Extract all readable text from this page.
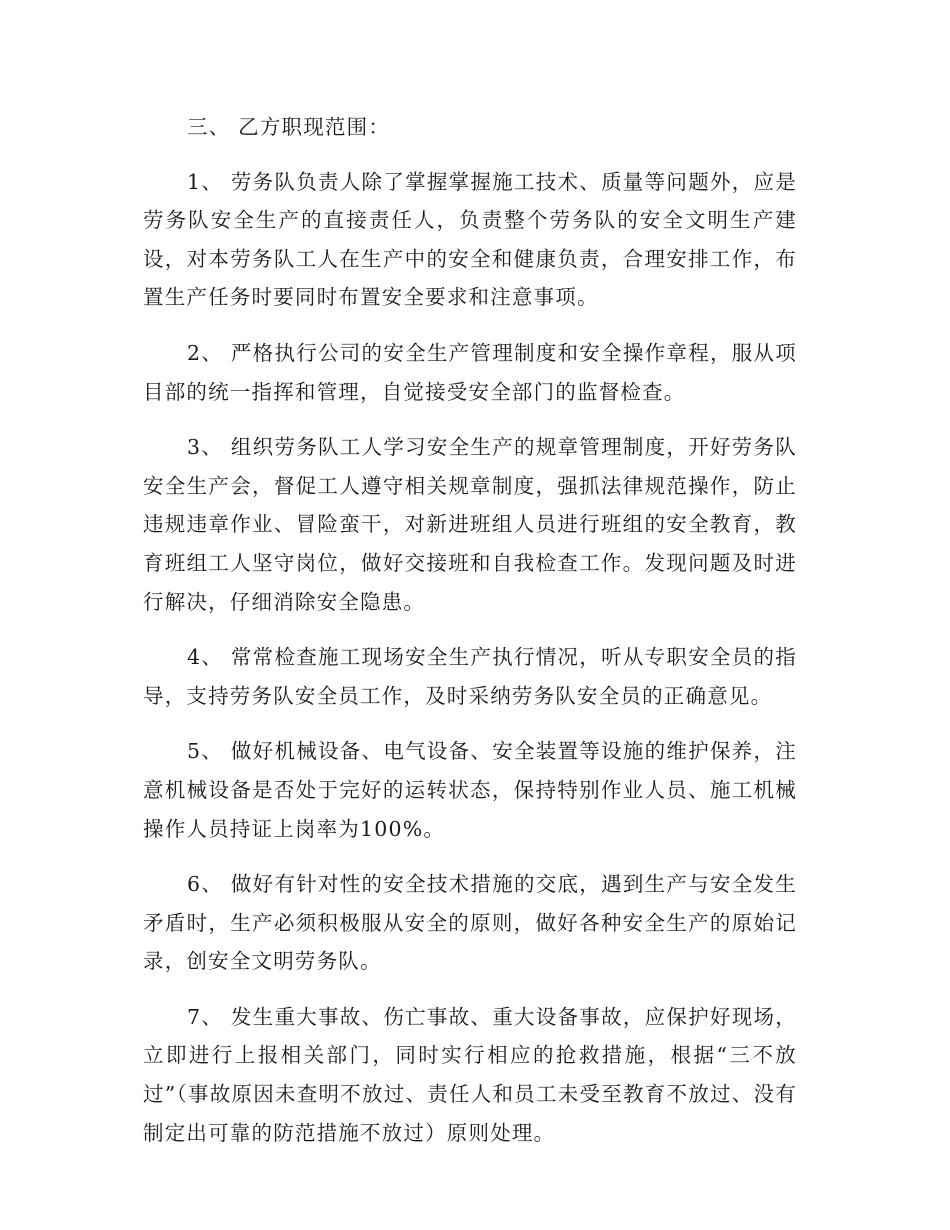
三、 乙方职现范围：

1、 劳务队负责人除了掌握掌握施工技术、质量等问题外，应是劳务队安全生产的直接责任人，负责整个劳务队的安全文明生产建设，对本劳务队工人在生产中的安全和健康负责，合理安排工作，布置生产任务时要同时布置安全要求和注意事项。

2、 严格执行公司的安全生产管理制度和安全操作章程，服从项目部的统一指挥和管理，自觉接受安全部门的监督检查。

3、 组织劳务队工人学习安全生产的规章管理制度，开好劳务队安全生产会，督促工人遵守相关规章制度，强抓法律规范操作，防止违规违章作业、冒险蛮干，对新进班组人员进行班组的安全教育，教育班组工人坚守岗位，做好交接班和自我检查工作。发现问题及时进行解决，仔细消除安全隐患。

4、 常常检查施工现场安全生产执行情况，听从专职安全员的指导，支持劳务队安全员工作，及时采纳劳务队安全员的正确意见。

5、 做好机械设备、电气设备、安全装置等设施的维护保养，注意机械设备是否处于完好的运转状态，保持特别作业人员、施工机械操作人员持证上岗率为100%。

6、 做好有针对性的安全技术措施的交底，遇到生产与安全发生矛盾时，生产必须积极服从安全的原则，做好各种安全生产的原始记录，创安全文明劳务队。

7、 发生重大事故、伤亡事故、重大设备事故，应保护好现场，立即进行上报相关部门，同时实行相应的抢救措施，根据“三不放过”（事故原因未查明不放过、责任人和员工未受至教育不放过、没有制定出可靠的防范措施不放过）原则处理。
